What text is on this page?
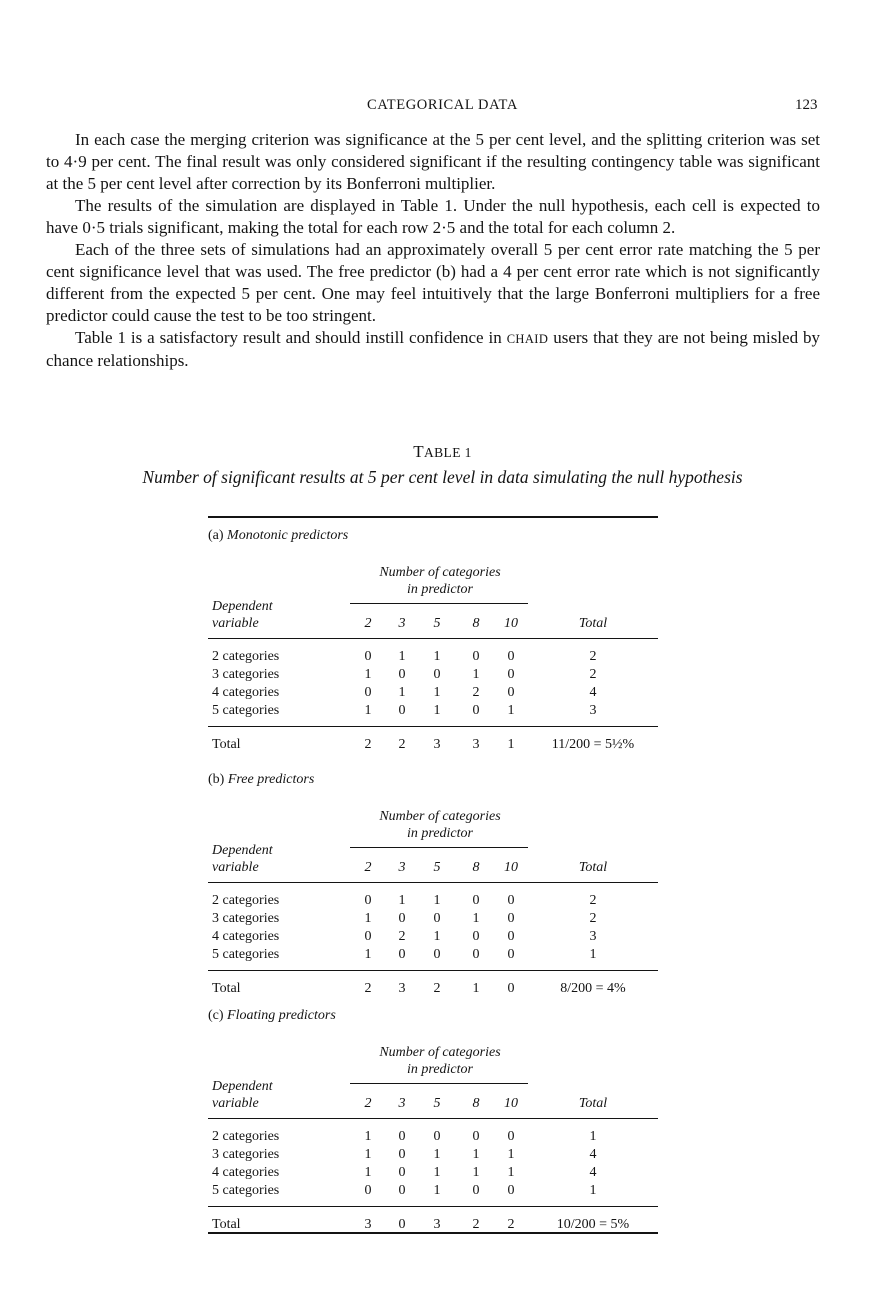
CATEGORICAL DATA	123

In each case the merging criterion was significance at the 5 per cent level, and the splitting criterion was set to 4·9 per cent. The final result was only considered significant if the resulting contingency table was significant at the 5 per cent level after correction by its Bonferroni multiplier.

The results of the simulation are displayed in Table 1. Under the null hypothesis, each cell is expected to have 0·5 trials significant, making the total for each row 2·5 and the total for each column 2.

Each of the three sets of simulations had an approximately overall 5 per cent error rate matching the 5 per cent significance level that was used. The free predictor (b) had a 4 per cent error rate which is not significantly different from the expected 5 per cent. One may feel intuitively that the large Bonferroni multipliers for a free predictor could cause the test to be too stringent.

Table 1 is a satisfactory result and should instill confidence in CHAID users that they are not being misled by chance relationships.

TABLE 1
Number of significant results at 5 per cent level in data simulating the null hypothesis
(a) Monotonic predictors
Number of categories
in predictor
Dependent
variable	2	3	5	8	10	Total
2 categories	0	1	1	0	0	2
3 categories	1	0	0	1	0	2
4 categories	0	1	1	2	0	4
5 categories	1	0	1	0	1	3
Total	2	2	3	3	1	11/200 = 5½%
(b) Free predictors
Number of categories
in predictor
Dependent
variable	2	3	5	8	10	Total
2 categories	0	1	1	0	0	2
3 categories	1	0	0	1	0	2
4 categories	0	2	1	0	0	3
5 categories	1	0	0	0	0	1
Total	2	3	2	1	0	8/200 = 4%
(c) Floating predictors
Number of categories
in predictor
Dependent
variable	2	3	5	8	10	Total
2 categories	1	0	0	0	0	1
3 categories	1	0	1	1	1	4
4 categories	1	0	1	1	1	4
5 categories	0	0	1	0	0	1
Total	3	0	3	2	2	10/200 = 5%
